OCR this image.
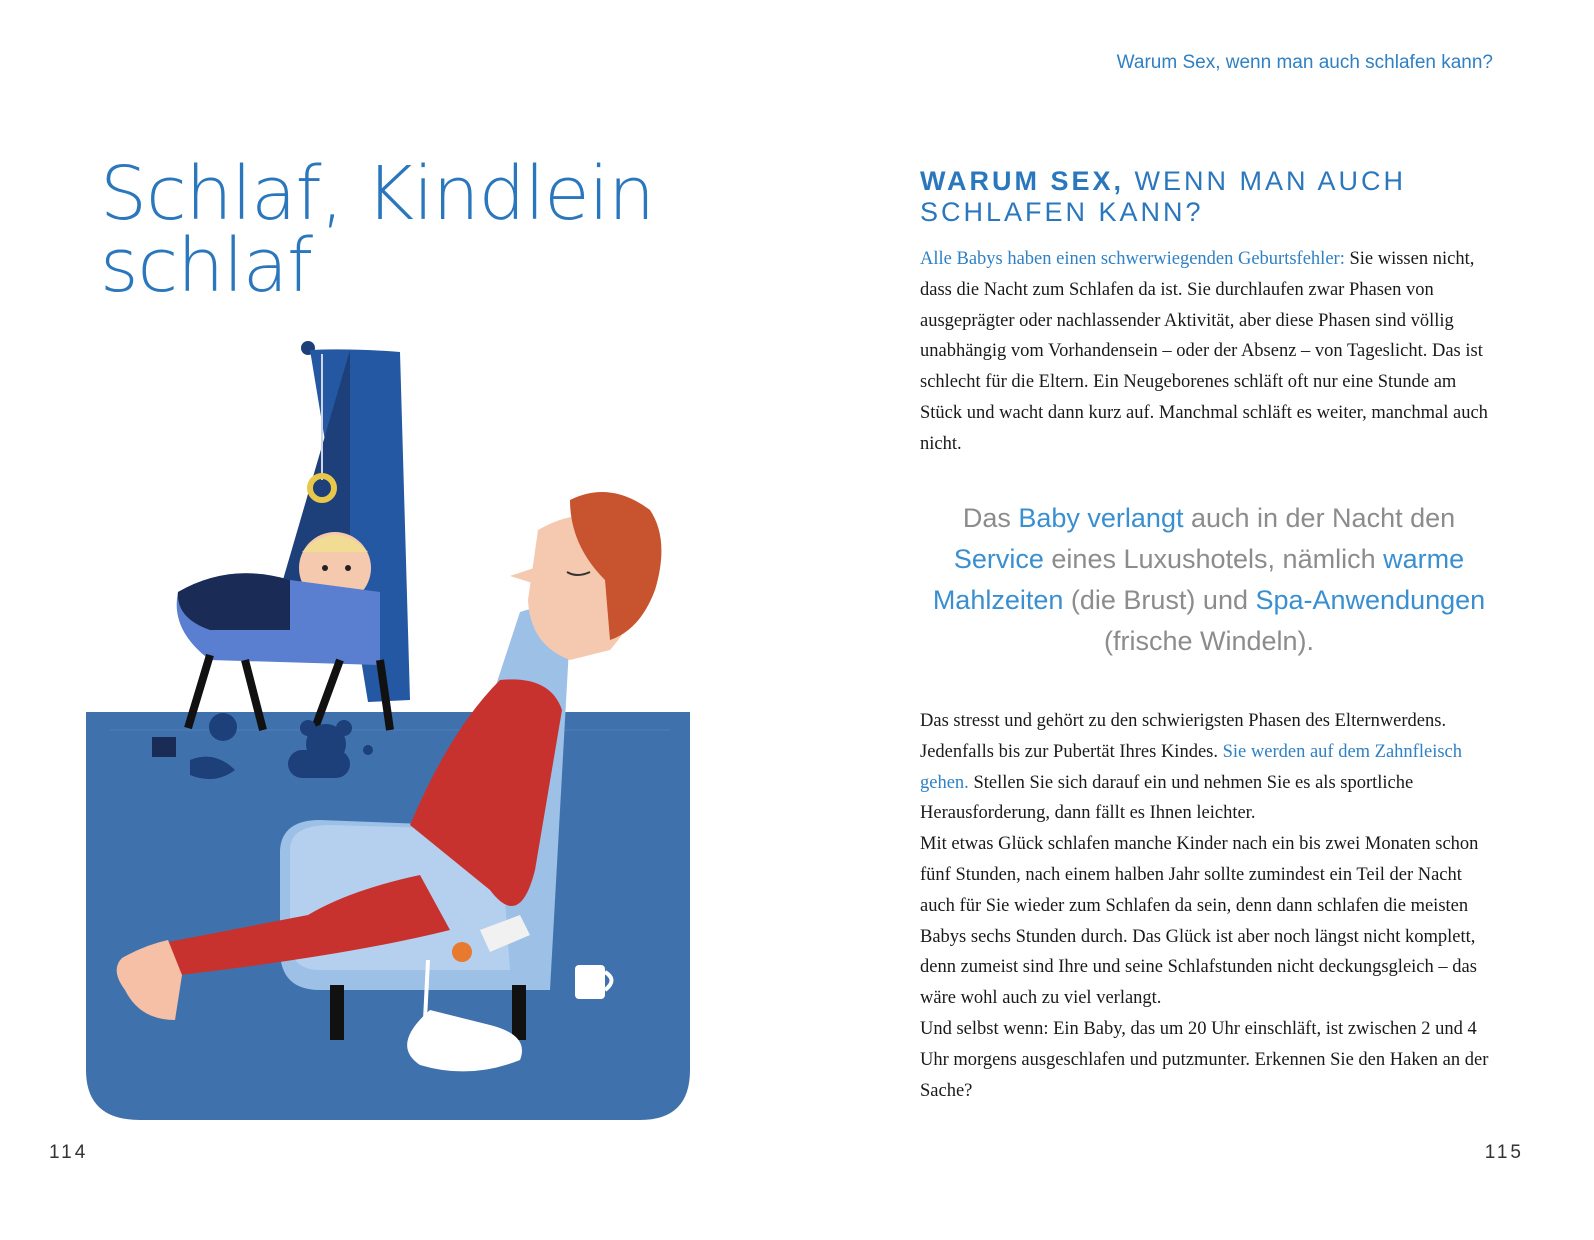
Warum Sex, wenn man auch schlafen kann?
Schlaf, Kindlein
schlaf
WARUM SEX, WENN MAN AUCH
SCHLAFEN KANN?

Alle Babys haben einen schwerwiegenden Geburtsfehler: Sie wissen nicht, dass die Nacht zum Schlafen da ist. Sie durchlaufen zwar Phasen von ausgeprägter oder nachlassender Aktivität, aber diese Phasen sind völlig unabhängig vom Vorhandensein – oder der Absenz – von Tageslicht. Das ist schlecht für die Eltern. Ein Neugeborenes schläft oft nur eine Stunde am Stück und wacht dann kurz auf. Manchmal schläft es weiter, manchmal auch nicht.

Das Baby verlangt auch in der Nacht den Service eines Luxushotels, nämlich warme Mahlzeiten (die Brust) und Spa-Anwendungen (frische Windeln).

Das stresst und gehört zu den schwierigsten Phasen des Elternwerdens. Jedenfalls bis zur Pubertät Ihres Kindes. Sie werden auf dem Zahnfleisch gehen. Stellen Sie sich darauf ein und nehmen Sie es als sportliche Herausforderung, dann fällt es Ihnen leichter.

Mit etwas Glück schlafen manche Kinder nach ein bis zwei Monaten schon fünf Stunden, nach einem halben Jahr sollte zumindest ein Teil der Nacht auch für Sie wieder zum Schlafen da sein, denn dann schlafen die meisten Babys sechs Stunden durch. Das Glück ist aber noch längst nicht komplett, denn zumeist sind Ihre und seine Schlafstunden nicht deckungsgleich – das wäre wohl auch zu viel verlangt.

Und selbst wenn: Ein Baby, das um 20 Uhr einschläft, ist zwischen 2 und 4 Uhr morgens ausgeschlafen und putzmunter. Erkennen Sie den Haken an der Sache?

114	115
